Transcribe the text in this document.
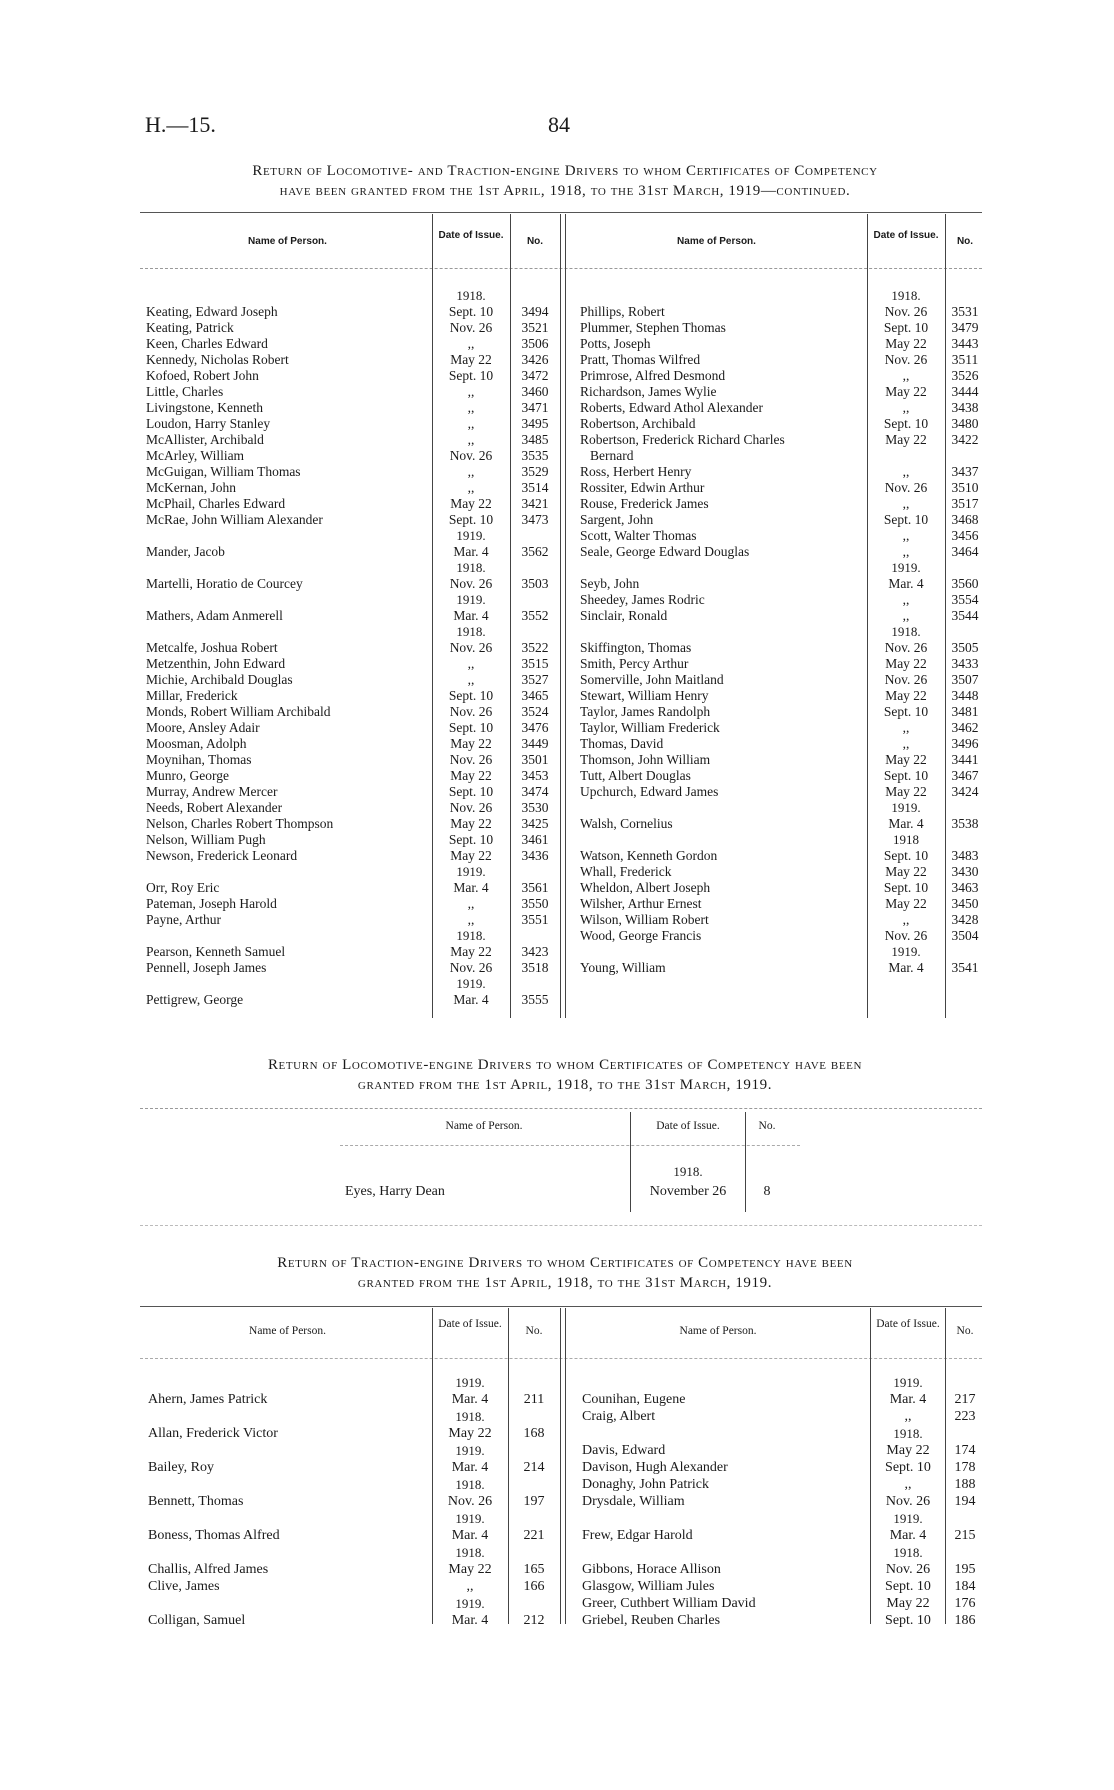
H.—15.	84
Return of Locomotive- and Traction-engine Drivers to whom Certificates of Competency
have been granted from the 1st April, 1918, to the 31st March, 1919—continued.
Name of Person.
Date of Issue.
No.	Name of Person.
Date of Issue.
No.
1918.
Keating, Edward Joseph	Sept. 10	3494
Keating, Patrick	Nov. 26	3521
Keen, Charles Edward	,,	3506
Kennedy, Nicholas Robert	May 22	3426
Kofoed, Robert John	Sept. 10	3472
Little, Charles	,,	3460
Livingstone, Kenneth	,,	3471
Loudon, Harry Stanley	,,	3495
McAllister, Archibald	,,	3485
McArley, William	Nov. 26	3535
McGuigan, William Thomas	,,	3529
McKernan, John	,,	3514
McPhail, Charles Edward	May 22	3421
McRae, John William Alexander	Sept. 10	3473
1919.
Mander, Jacob	Mar. 4	3562
1918.
Martelli, Horatio de Courcey	Nov. 26	3503
1919.
Mathers, Adam Anmerell	Mar. 4	3552
1918.
Metcalfe, Joshua Robert	Nov. 26	3522
Metzenthin, John Edward	,,	3515
Michie, Archibald Douglas	,,	3527
Millar, Frederick	Sept. 10	3465
Monds, Robert William Archibald	Nov. 26	3524
Moore, Ansley Adair	Sept. 10	3476
Moosman, Adolph	May 22	3449
Moynihan, Thomas	Nov. 26	3501
Munro, George	May 22	3453
Murray, Andrew Mercer	Sept. 10	3474
Needs, Robert Alexander	Nov. 26	3530
Nelson, Charles Robert Thompson	May 22	3425
Nelson, William Pugh	Sept. 10	3461
Newson, Frederick Leonard	May 22	3436
1919.
Orr, Roy Eric	Mar. 4	3561
Pateman, Joseph Harold	,,	3550
Payne, Arthur	,,	3551
1918.
Pearson, Kenneth Samuel	May 22	3423
Pennell, Joseph James	Nov. 26	3518
1919.
Pettigrew, George	Mar. 4	3555
1918.
Phillips, Robert	Nov. 26	3531
Plummer, Stephen Thomas	Sept. 10	3479
Potts, Joseph	May 22	3443
Pratt, Thomas Wilfred	Nov. 26	3511
Primrose, Alfred Desmond	,,	3526
Richardson, James Wylie	May 22	3444
Roberts, Edward Athol Alexander	,,	3438
Robertson, Archibald	Sept. 10	3480
Robertson, Frederick Richard Charles	May 22	3422
Bernard
Ross, Herbert Henry	,,	3437
Rossiter, Edwin Arthur	Nov. 26	3510
Rouse, Frederick James	,,	3517
Sargent, John	Sept. 10	3468
Scott, Walter Thomas	,,	3456
Seale, George Edward Douglas	,,	3464
1919.
Seyb, John	Mar. 4	3560
Sheedey, James Rodric	,,	3554
Sinclair, Ronald	,,	3544
1918.
Skiffington, Thomas	Nov. 26	3505
Smith, Percy Arthur	May 22	3433
Somerville, John Maitland	Nov. 26	3507
Stewart, William Henry	May 22	3448
Taylor, James Randolph	Sept. 10	3481
Taylor, William Frederick	,,	3462
Thomas, David	,,	3496
Thomson, John William	May 22	3441
Tutt, Albert Douglas	Sept. 10	3467
Upchurch, Edward James	May 22	3424
1919.
Walsh, Cornelius	Mar. 4	3538
1918
Watson, Kenneth Gordon	Sept. 10	3483
Whall, Frederick	May 22	3430
Wheldon, Albert Joseph	Sept. 10	3463
Wilsher, Arthur Ernest	May 22	3450
Wilson, William Robert	,,	3428
Wood, George Francis	Nov. 26	3504
1919.
Young, William	Mar. 4	3541
Return of Locomotive-engine Drivers to whom Certificates of Competency have been
granted from the 1st April, 1918, to the 31st March, 1919.
Name of Person.	Date of Issue.	No.
1918.
Eyes, Harry Dean	November 26	8
Return of Traction-engine Drivers to whom Certificates of Competency have been
granted from the 1st April, 1918, to the 31st March, 1919.
Name of Person.
Date of Issue.
No.	Name of Person.
Date of Issue.
No.
1919.
Ahern, James Patrick	Mar. 4	211
1918.
Allan, Frederick Victor	May 22	168
1919.
Bailey, Roy	Mar. 4	214
1918.
Bennett, Thomas	Nov. 26	197
1919.
Boness, Thomas Alfred	Mar. 4	221
1918.
Challis, Alfred James	May 22	165
Clive, James	,,	166
1919.
Colligan, Samuel	Mar. 4	212
1919.
Counihan, Eugene	Mar. 4	217
Craig, Albert	,,	223
1918.
Davis, Edward	May 22	174
Davison, Hugh Alexander	Sept. 10	178
Donaghy, John Patrick	,,	188
Drysdale, William	Nov. 26	194
1919.
Frew, Edgar Harold	Mar. 4	215
1918.
Gibbons, Horace Allison	Nov. 26	195
Glasgow, William Jules	Sept. 10	184
Greer, Cuthbert William David	May 22	176
Griebel, Reuben Charles	Sept. 10	186
